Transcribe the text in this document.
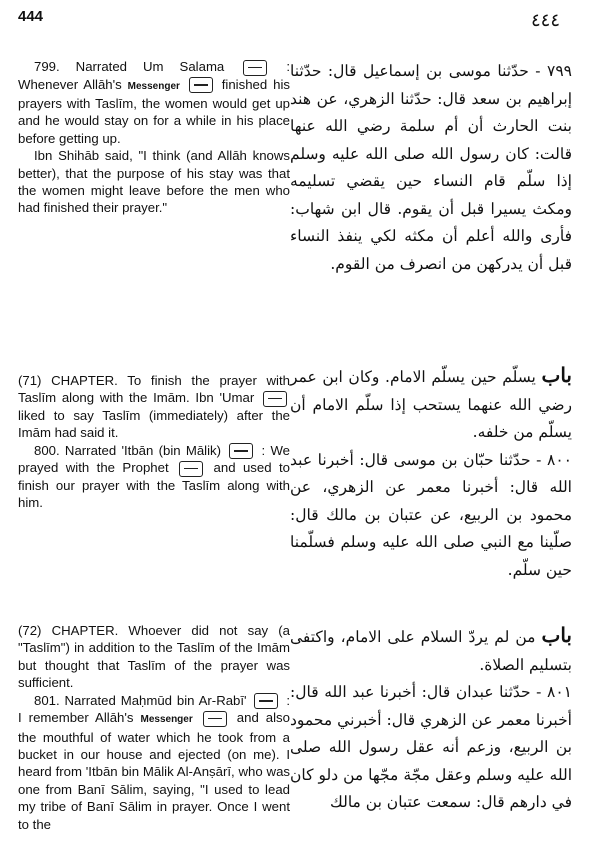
444	٤٤٤

799. Narrated Um Salama	: Whenever Allāh's Messenger	finished his prayers with Taslīm, the women would get up and he would stay on for a while in his place before getting up.

Ibn Shihāb said, "I think (and Allāh knows better), that the purpose of his stay was that the women might leave before the men who had finished their prayer."

(71) CHAPTER. To finish the prayer with Taslīm along with the Imām. Ibn 'Umar  liked to say Taslīm (immediately) after the Imām had said it.

800. Narrated 'Itbān (bin Mālik)	: We prayed with the Prophet	and used to finish our prayer with the Taslīm along with him.

(72) CHAPTER. Whoever did not say (a "Taslīm") in addition to the Taslīm of the Imām but thought that Taslīm of the prayer was sufficient.

801. Narrated Maḥmūd bin Ar-Rabī'	: I remember Allāh's Messenger	and also the mouthful of water which he took from a bucket in our house and ejected (on me). I heard from 'Itbān bin Mālik Al-Anṣārī, who was one from Banī Sālim, saying, "I used to lead my tribe of Banī Sālim in prayer. Once I went to the

٧٩٩ - حدّثنا موسى بن إسماعيل قال: حدّثنا إبراهيم بن سعد قال: حدّثنا الزهري، عن هند بنت الحارث أن أم سلمة رضي الله عنها قالت: كان رسول الله صلى الله عليه وسلم إذا سلّم قام النساء حين يقضي تسليمه ومكث يسيرا قبل أن يقوم. قال ابن شهاب: فأرى والله أعلم أن مكثه لكي ينفذ النساء قبل أن يدركهن من انصرف من القوم.

باب يسلّم حين يسلّم الامام. وكان ابن عمر رضي الله عنهما يستحب إذا سلّم الامام أن يسلّم من خلفه.

٨٠٠ - حدّثنا حبّان بن موسى قال: أخبرنا عبد الله قال: أخبرنا معمر عن الزهري، عن محمود بن الربيع، عن عتبان بن مالك قال: صلّينا مع النبي صلى الله عليه وسلم فسلّمنا حين سلّم.

باب من لم يردّ السلام على الامام، واكتفى بتسليم الصلاة.

٨٠١ - حدّثنا عبدان قال: أخبرنا عبد الله قال: أخبرنا معمر عن الزهري قال: أخبرني محمود بن الربيع، وزعم أنه عقل رسول الله صلى الله عليه وسلم وعقل مجّة مجّها من دلو كان في دارهم قال: سمعت عتبان بن مالك
